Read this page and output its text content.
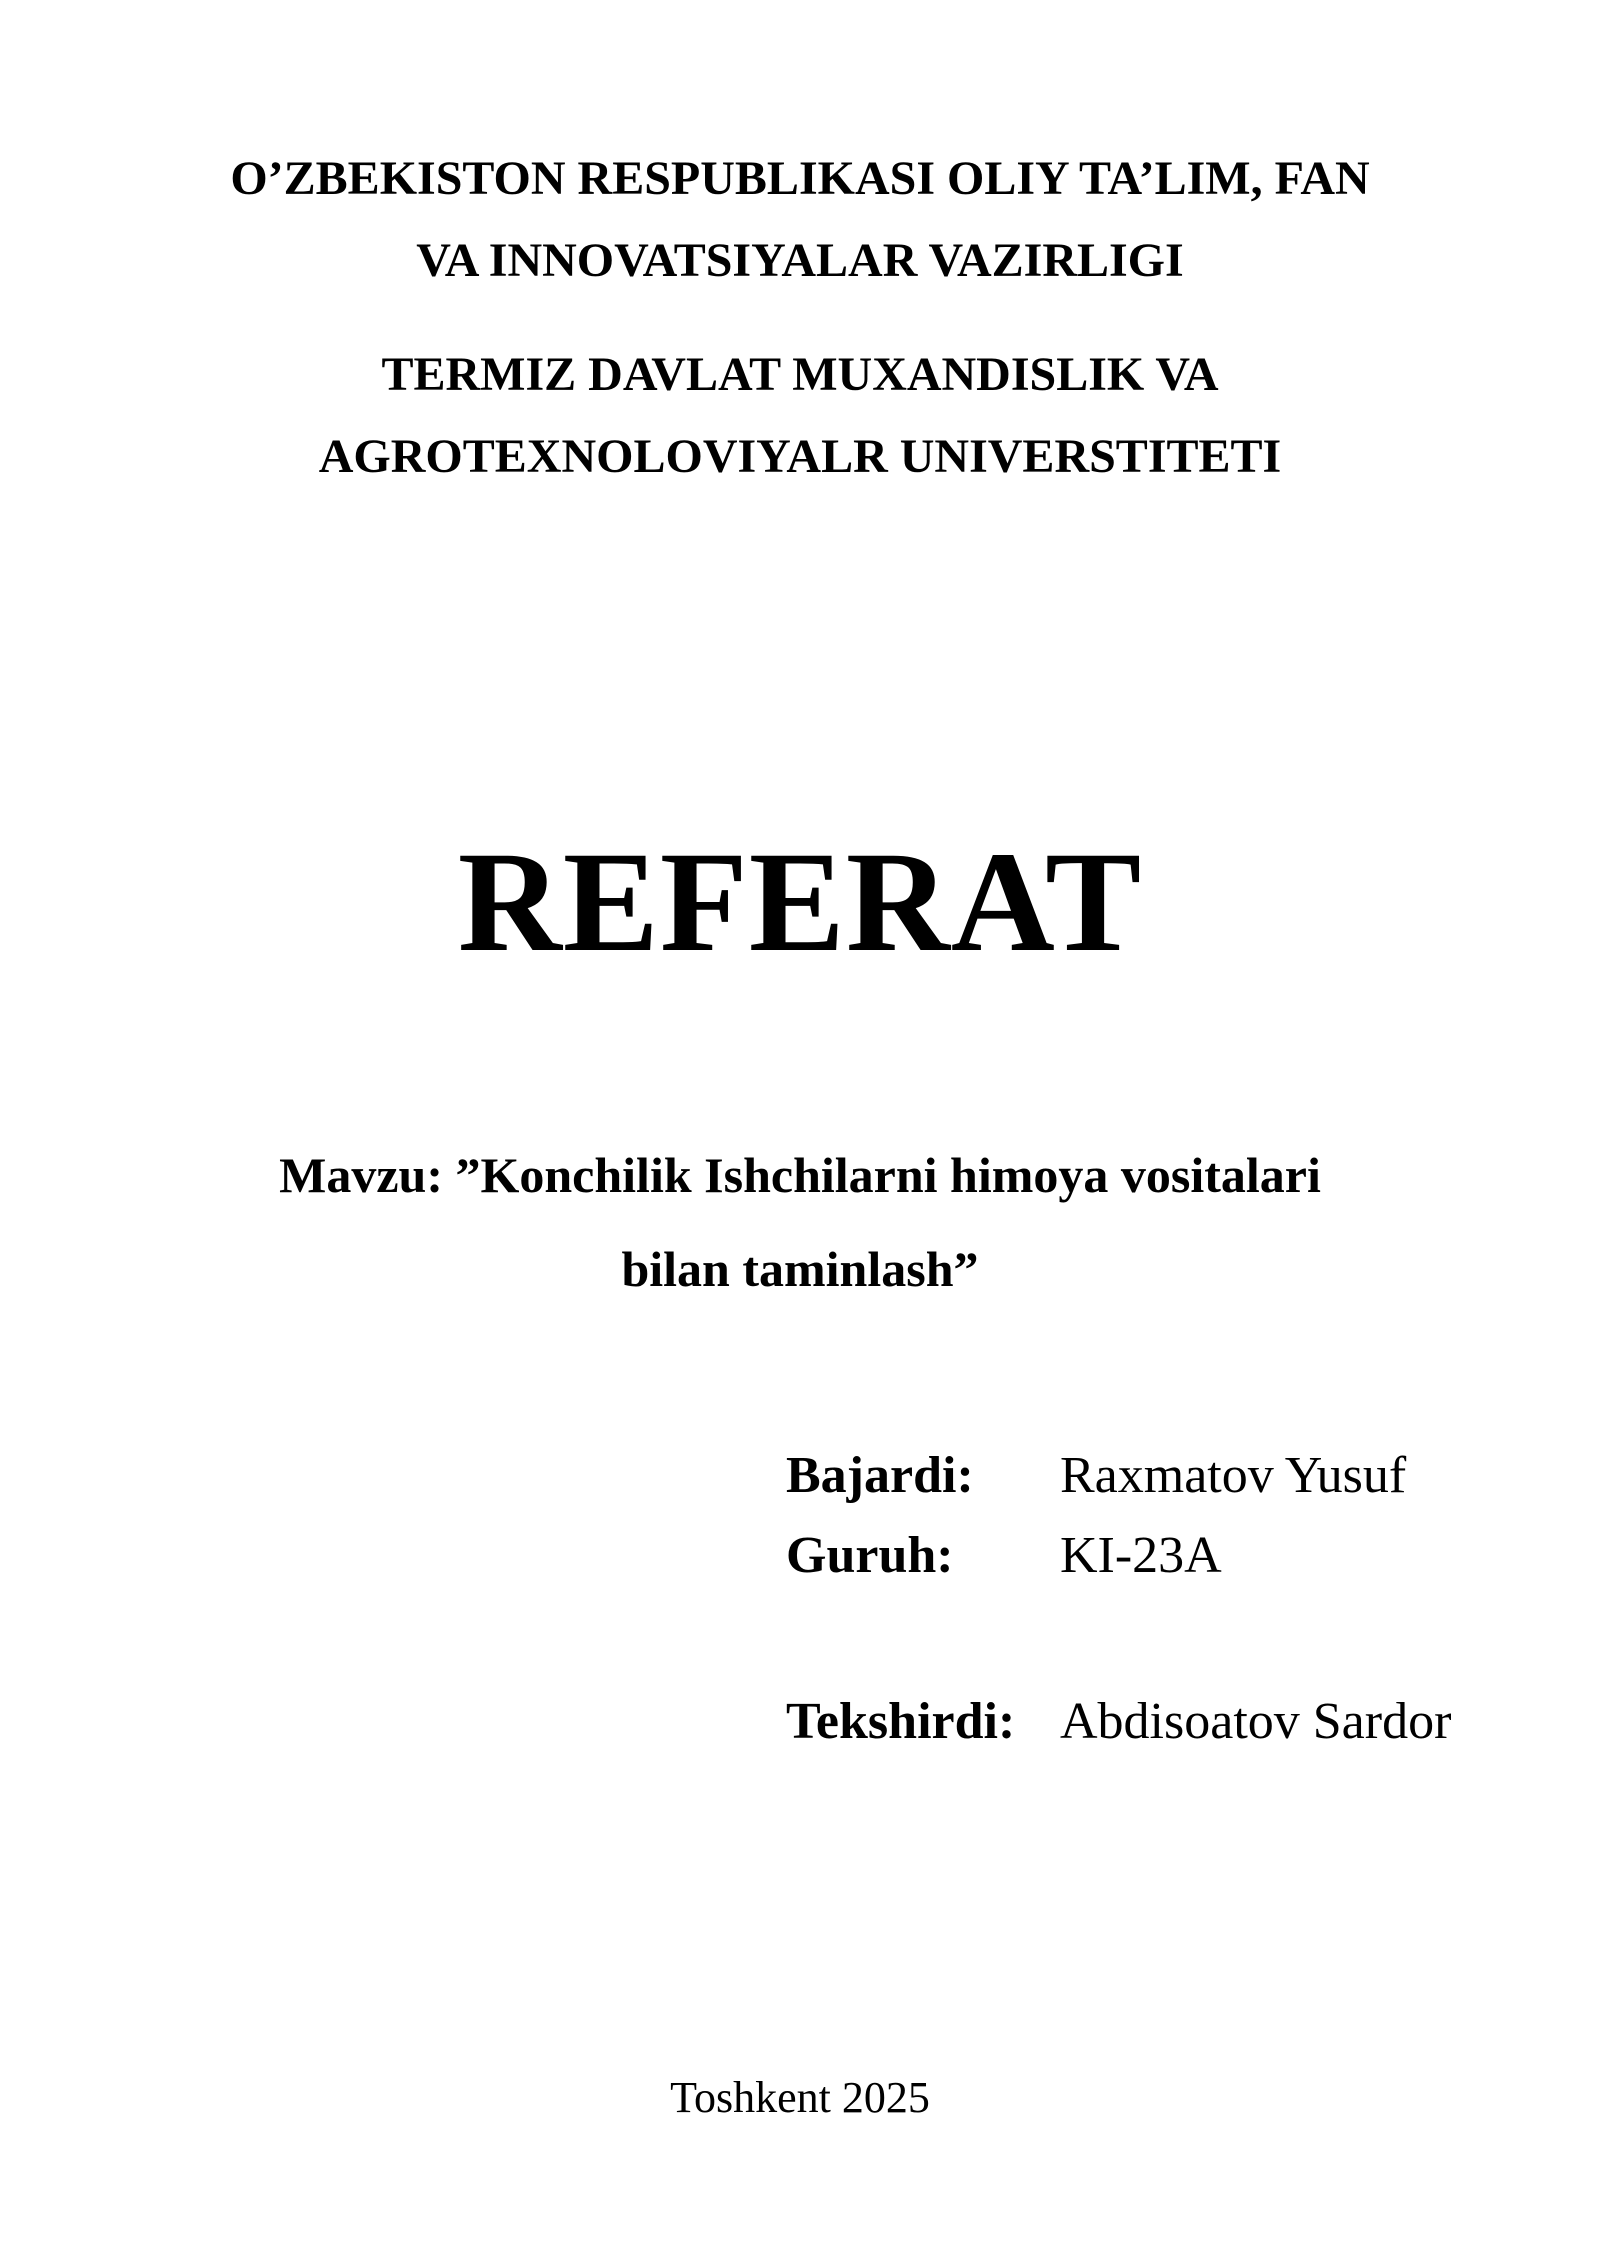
O’ZBEKISTON RESPUBLIKASI OLIY TA’LIM, FAN
VA INNOVATSIYALAR VAZIRLIGI
TERMIZ DAVLAT MUXANDISLIK VA
AGROTEXNOLOVIYALR UNIVERSTITETI
REFERAT
Mavzu: ”Konchilik Ishchilarni himoya vositalari
bilan taminlash”
Bajardi:	Raxmatov Yusuf
Guruh:	KI-23A
Tekshirdi: Abdisoatov Sardor
Toshkent 2025
